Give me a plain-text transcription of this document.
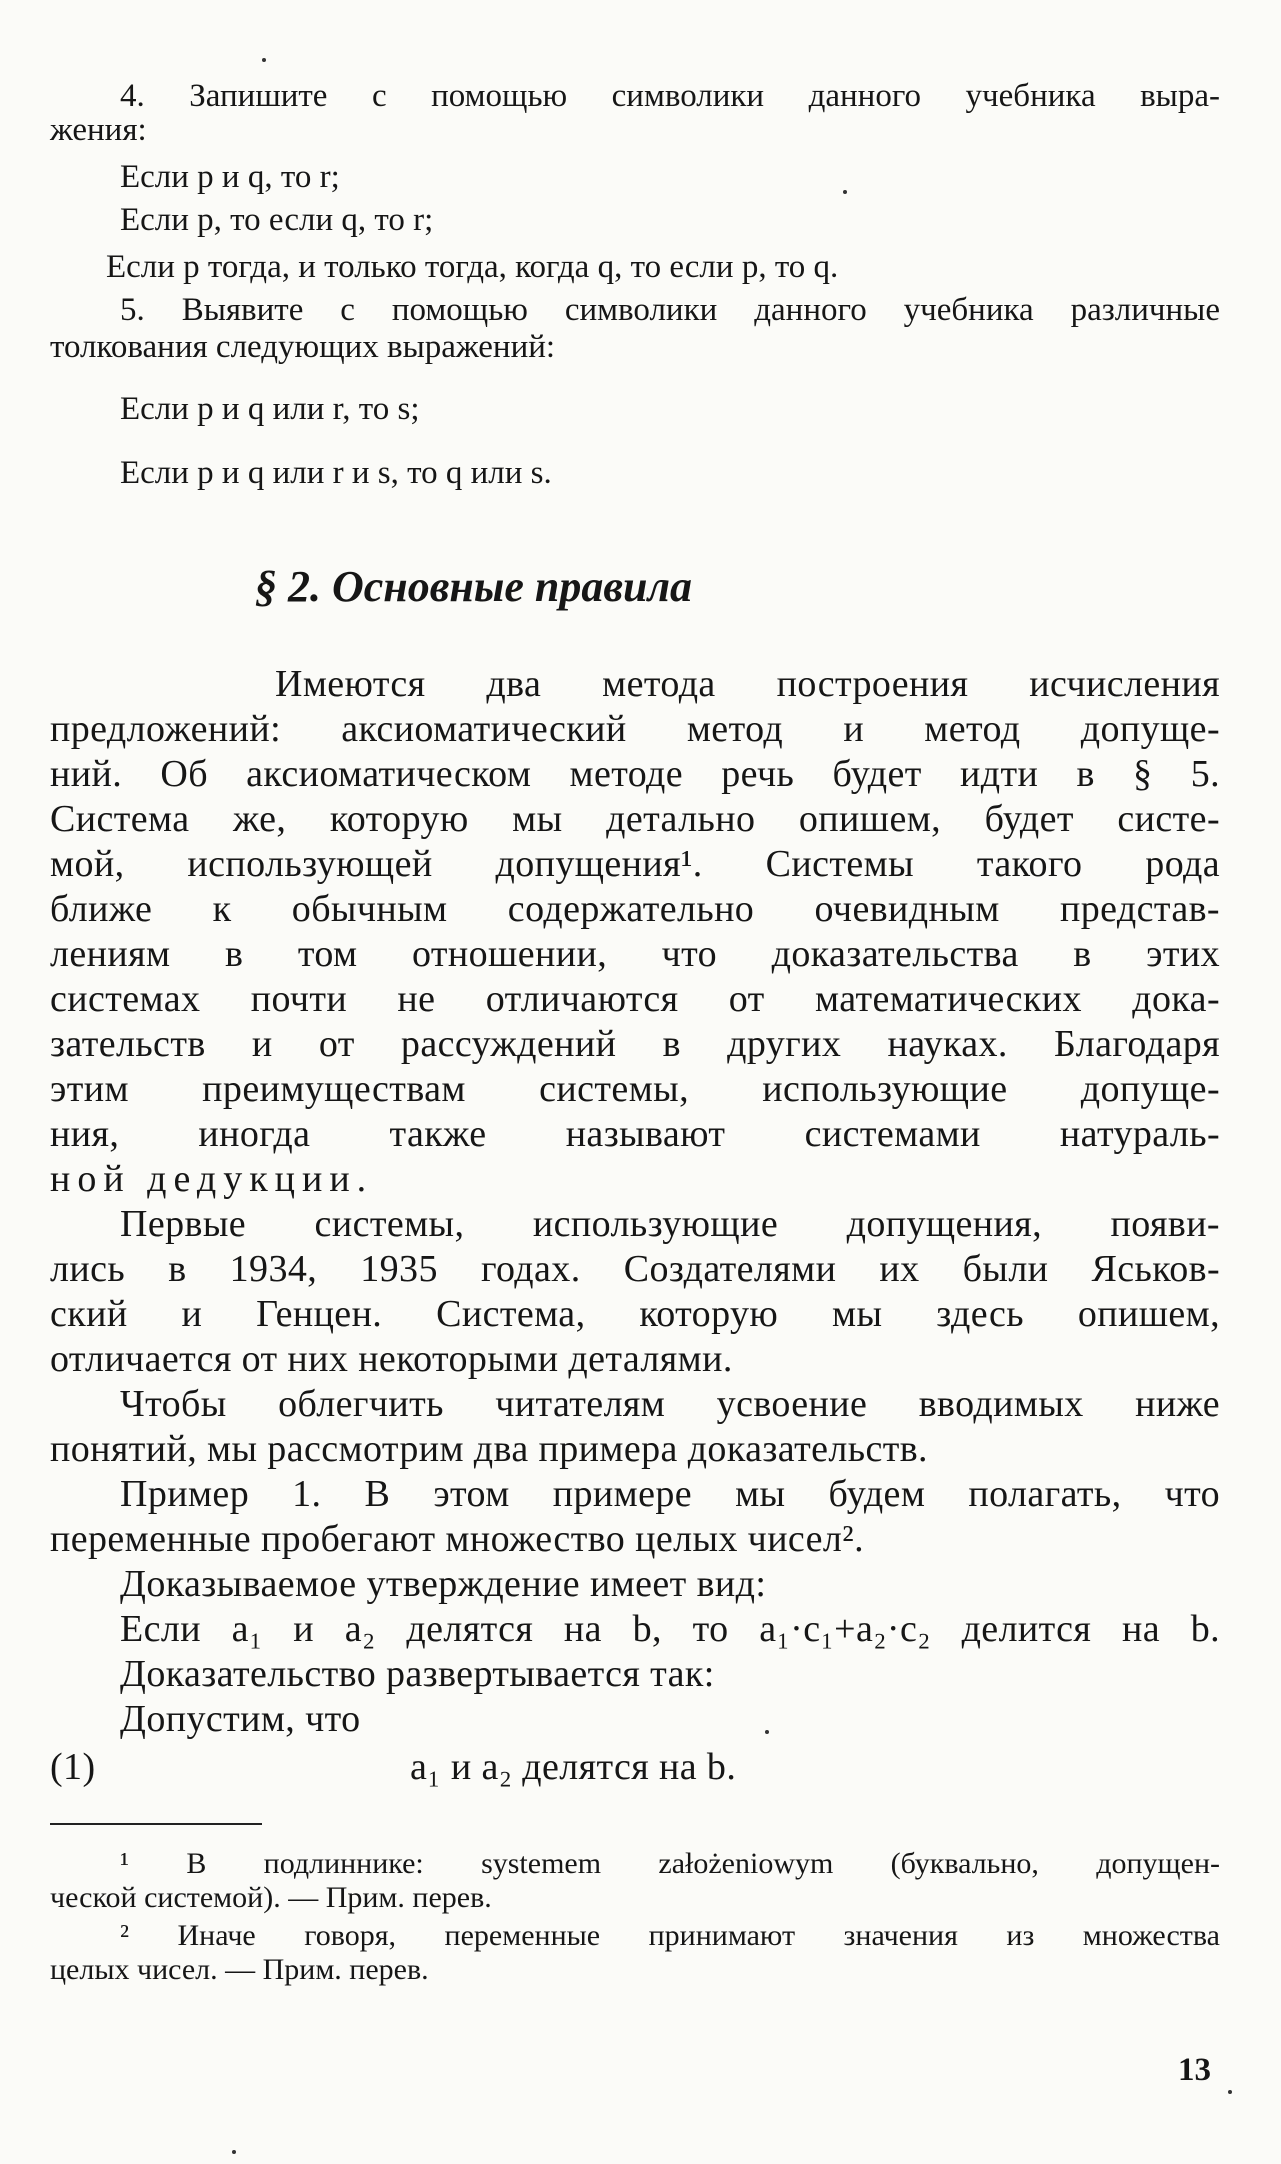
4. Запишите с помощью символики данного учебника выра-
жения:
Если p и q, то r;
Если p, то если q, то r;
Если p тогда, и только тогда, когда q, то если p, то q.
5. Выявите с помощью символики данного учебника различные
толкования следующих выражений:
Если p и q или r, то s;
Если p и q или r и s, то q или s.
§ 2. Основные правила
Имеются два метода построения исчисления
предложений: аксиоматический метод и метод допуще-
ний. Об аксиоматическом методе речь будет идти в § 5.
Система же, которую мы детально опишем, будет систе-
мой, использующей допущения¹. Системы такого рода
ближе к обычным содержательно очевидным представ-
лениям в том отношении, что доказательства в этих
системах почти не отличаются от математических дока-
зательств и от рассуждений в других науках. Благодаря
этим преимуществам системы, использующие допуще-
ния, иногда также называют системами натураль-
ной дедукции.
Первые системы, использующие допущения, появи-
лись в 1934, 1935 годах. Создателями их были Яськов-
ский и Генцен. Система, которую мы здесь опишем,
отличается от них некоторыми деталями.
Чтобы облегчить читателям усвоение вводимых ниже
понятий, мы рассмотрим два примера доказательств.
Пример 1. В этом примере мы будем полагать, что
переменные пробегают множество целых чисел².
Доказываемое утверждение имеет вид:
Если a₁ и a₂ делятся на b, то a₁·c₁+a₂·c₂ делится на b.
Доказательство развертывается так:
Допустим, что
(1)	a₁ и a₂ делятся на b.
¹ В подлиннике: systemem założeniowym (буквально, допущен-
ческой системой). — Прим. перев.
² Иначе говоря, переменные принимают значения из множества
целых чисел. — Прим. перев.
13
